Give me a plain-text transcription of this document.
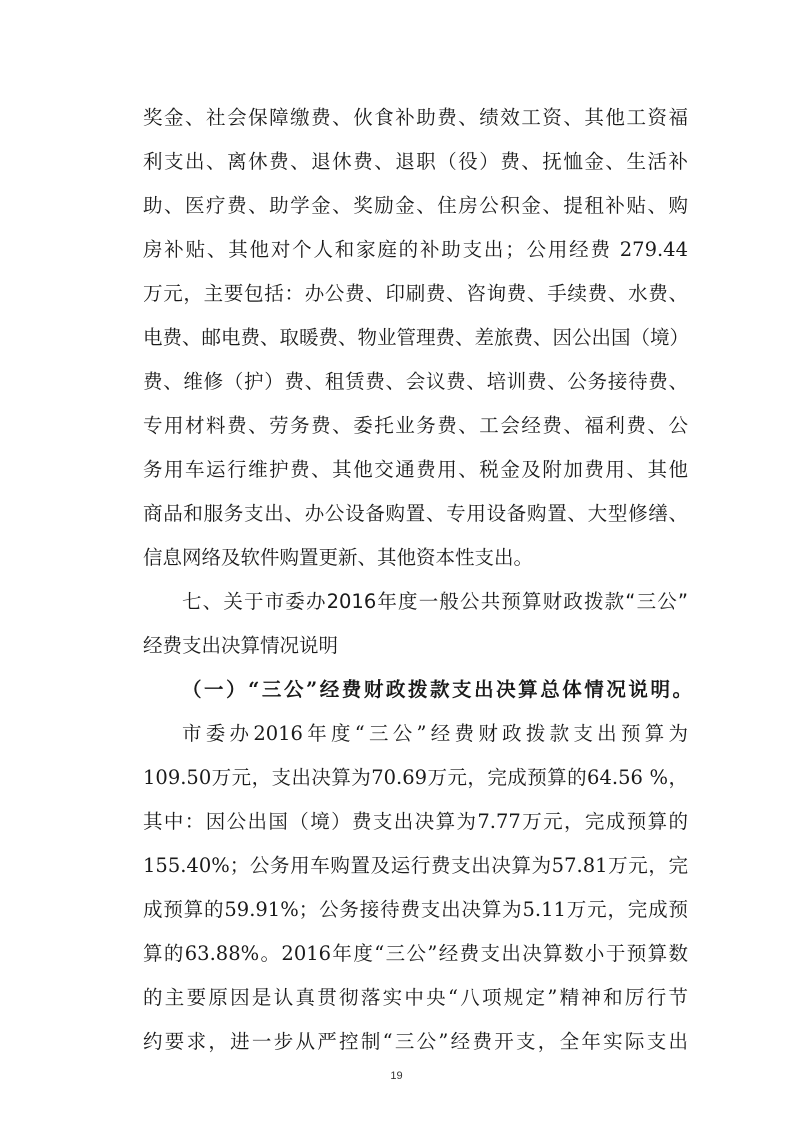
奖金、社会保障缴费、伙食补助费、绩效工资、其他工资福
利支出、离休费、退休费、退职（役）费、抚恤金、生活补
助、医疗费、助学金、奖励金、住房公积金、提租补贴、购
房补贴、其他对个人和家庭的补助支出；公用经费 279.44
万元，主要包括：办公费、印刷费、咨询费、手续费、水费、
电费、邮电费、取暖费、物业管理费、差旅费、因公出国（境）
费、维修（护）费、租赁费、会议费、培训费、公务接待费、
专用材料费、劳务费、委托业务费、工会经费、福利费、公
务用车运行维护费、其他交通费用、税金及附加费用、其他
商品和服务支出、办公设备购置、专用设备购置、大型修缮、
信息网络及软件购置更新、其他资本性支出。
七、关于市委办2016年度一般公共预算财政拨款“三公”
经费支出决算情况说明
（一）“三公”经费财政拨款支出决算总体情况说明。
市委办2016年度“三公”经费财政拨款支出预算为
109.50万元，支出决算为70.69万元，完成预算的64.56 %，
其中：因公出国（境）费支出决算为7.77万元，完成预算的
155.40%；公务用车购置及运行费支出决算为57.81万元，完
成预算的59.91%；公务接待费支出决算为5.11万元，完成预
算的63.88%。2016年度“三公”经费支出决算数小于预算数
的主要原因是认真贯彻落实中央“八项规定”精神和厉行节
约要求，进一步从严控制“三公”经费开支，全年实际支出
19
